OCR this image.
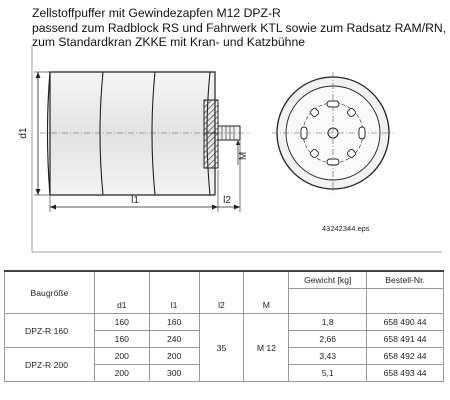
Zellstoffpuffer mit Gewindezapfen M12 DPZ-R
passend zum Radblock RS und Fahrwerk KTL sowie zum Radsatz RAM/RN,
zum Standardkran ZKKE mit Kran- und Katzbühne
d1
M
l1	l2
43242344.eps
Baugröße	d1	l1	l2	M	Gewicht [kg]	Bestell-Nr.

DPZ-R 160	160	160	35	M 12	1,8	658 490 44
	160	240			2,66	658 491 44
DPZ-R 200	200	200			3,43	658 492 44
	200	300			5,1	658 493 44
